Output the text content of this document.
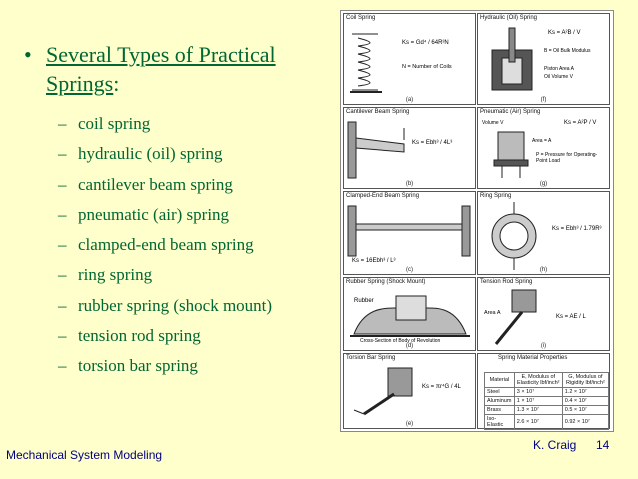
• Several Types of Practical Springs:
– coil spring
– hydraulic (oil) spring
– cantilever beam spring
– pneumatic (air) spring
– clamped-end beam spring
– ring spring
– rubber spring (shock mount)
– tension rod spring
– torsion bar spring
Coil Spring
Ks = Gd⁴ / 64R³N
N = Number of Coils
(a)
Hydraulic (Oil) Spring
Ks = A²B / V
B = Oil Bulk Modulus
Piston Area A
Oil Volume V
(f)
Cantilever Beam Spring
Ks = Ebh³ / 4L³
(b)
Pneumatic (Air) Spring
Volume V	Ks = A²P / V
Area = A
P = Pressure for Operating-Point Load
(g)
Clamped-End Beam Spring
Ks = 16Ebh³ / L³
(c)
Ring Spring
Ks = Ebh³ / 1.79R³
(h)
Rubber Spring (Shock Mount)
Rubber
Cross-Section of Body of Revolution
(d)
Tension Rod Spring
Area A
Ks = AE / L
(i)
Torsion Bar Spring
Ks = πr⁴G / 4L
(e)
Spring Material Properties
Material	E, Modulus of Elasticity lbf/inch²	G, Modulus of Rigidity lbf/inch²
Steel	3 × 10⁷	1.2 × 10⁷
Aluminum	1 × 10⁷	0.4 × 10⁷
Brass	1.3 × 10⁷	0.5 × 10⁷
Iso-Elastic	2.6 × 10⁷	0.92 × 10⁷
Mechanical System Modeling
K. Craig 14
